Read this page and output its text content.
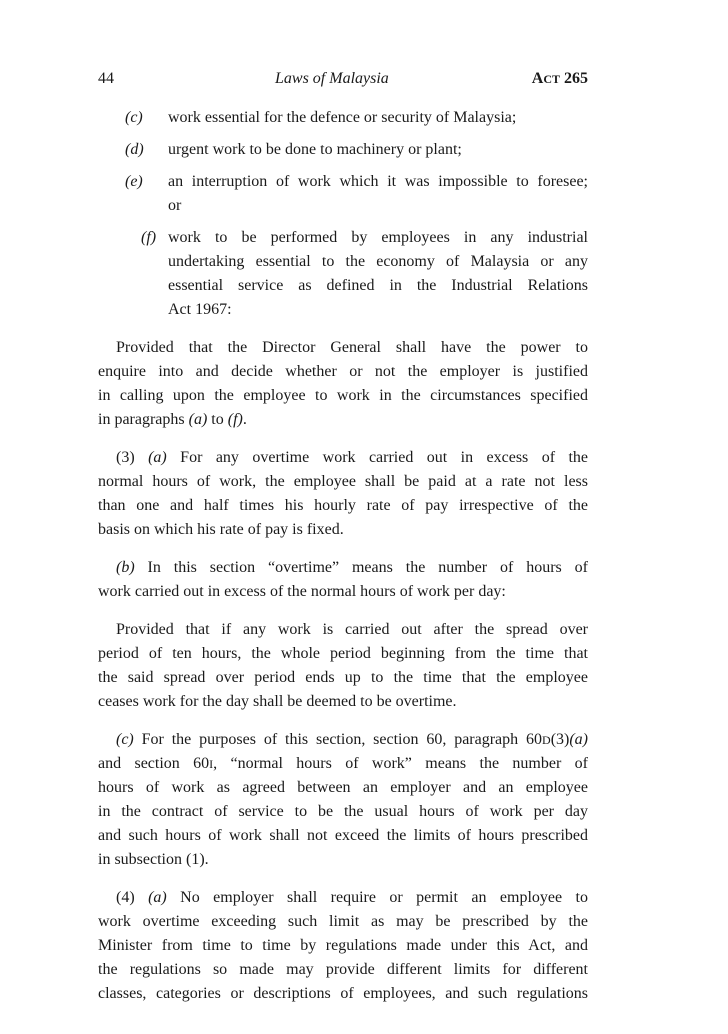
44	Laws of Malaysia	ACT 265
(c)	work essential for the defence or security of Malaysia;
(d)	urgent work to be done to machinery or plant;
(e)	an interruption of work which it was impossible to foresee;
or
(f) work to be performed by employees in any industrial
undertaking essential to the economy of Malaysia or any
essential service as defined in the Industrial Relations
Act 1967:

Provided that the Director General shall have the power to
enquire into and decide whether or not the employer is justified
in calling upon the employee to work in the circumstances specified
in paragraphs (a) to (f).

(3) (a) For any overtime work carried out in excess of the
normal hours of work, the employee shall be paid at a rate not less
than one and half times his hourly rate of pay irrespective of the
basis on which his rate of pay is fixed.

(b) In this section “overtime” means the number of hours of
work carried out in excess of the normal hours of work per day:

Provided that if any work is carried out after the spread over
period of ten hours, the whole period beginning from the time that
the said spread over period ends up to the time that the employee
ceases work for the day shall be deemed to be overtime.

(c) For the purposes of this section, section 60, paragraph 60D(3)(a)
and section 60I, “normal hours of work” means the number of
hours of work as agreed between an employer and an employee
in the contract of service to be the usual hours of work per day
and such hours of work shall not exceed the limits of hours prescribed
in subsection (1).

(4) (a) No employer shall require or permit an employee to
work overtime exceeding such limit as may be prescribed by the
Minister from time to time by regulations made under this Act, and
the regulations so made may provide different limits for different
classes, categories or descriptions of employees, and such regulations
